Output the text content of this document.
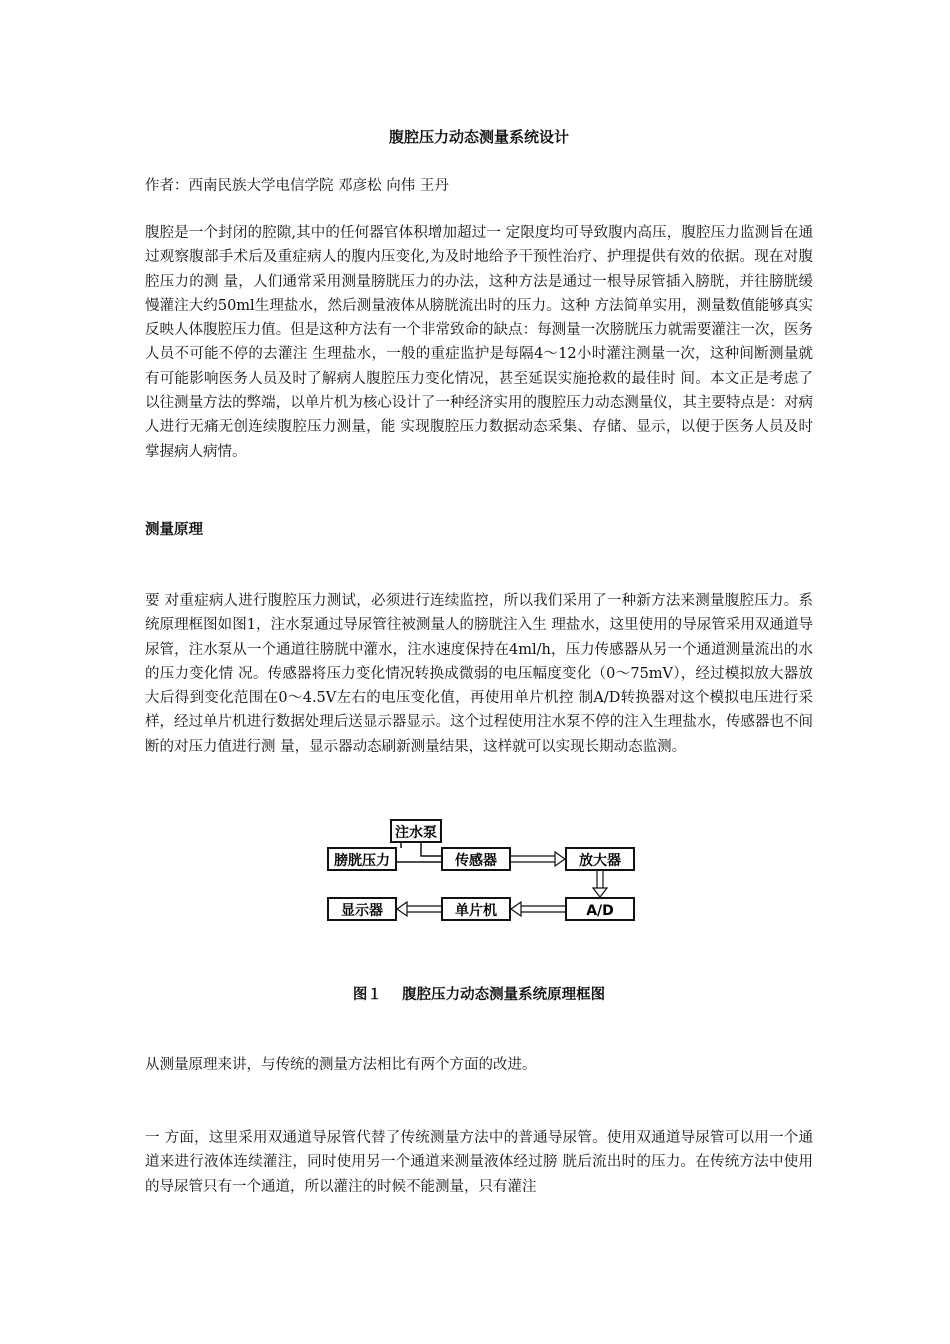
腹腔压力动态测量系统设计

作者：西南民族大学电信学院 邓彦松 向伟 王丹

腹腔是一个封闭的腔隙,其中的任何器官体积增加超过一 定限度均可导致腹内高压，腹腔压力监测旨在通过观察腹部手术后及重症病人的腹内压变化,为及时地给予干预性治疗、护理提供有效的依据。现在对腹腔压力的测 量，人们通常采用测量膀胱压力的办法，这种方法是通过一根导尿管插入膀胱，并往膀胱缓慢灌注大约50ml生理盐水，然后测量液体从膀胱流出时的压力。这种 方法简单实用，测量数值能够真实反映人体腹腔压力值。但是这种方法有一个非常致命的缺点：每测量一次膀胱压力就需要灌注一次，医务人员不可能不停的去灌注 生理盐水，一般的重症监护是每隔4～12小时灌注测量一次，这种间断测量就有可能影响医务人员及时了解病人腹腔压力变化情况，甚至延误实施抢救的最佳时 间。本文正是考虑了以往测量方法的弊端，以单片机为核心设计了一种经济实用的腹腔压力动态测量仪，其主要特点是：对病人进行无痛无创连续腹腔压力测量，能 实现腹腔压力数据动态采集、存储、显示，以便于医务人员及时掌握病人病情。

测量原理

要 对重症病人进行腹腔压力测试，必须进行连续监控，所以我们采用了一种新方法来测量腹腔压力。系统原理框图如图1，注水泵通过导尿管往被测量人的膀胱注入生 理盐水，这里使用的导尿管采用双通道导尿管，注水泵从一个通道往膀胱中灌水，注水速度保持在4ml/h，压力传感器从另一个通道测量流出的水的压力变化情 况。传感器将压力变化情况转换成微弱的电压幅度变化（0～75mV），经过模拟放大器放大后得到变化范围在0～4.5V左右的电压变化值，再使用单片机控 制A/D转换器对这个模拟电压进行采样，经过单片机进行数据处理后送显示器显示。这个过程使用注水泵不停的注入生理盐水，传感器也不间断的对压力值进行测 量，显示器动态刷新测量结果，这样就可以实现长期动态监测。

注水泵
膀胱压力	传感器	放大器
显示器	单片机	A/D

图１    腹腔压力动态测量系统原理框图

从测量原理来讲，与传统的测量方法相比有两个方面的改进。

一 方面，这里采用双通道导尿管代替了传统测量方法中的普通导尿管。使用双通道导尿管可以用一个通道来进行液体连续灌注，同时使用另一个通道来测量液体经过膀 胱后流出时的压力。在传统方法中使用的导尿管只有一个通道，所以灌注的时候不能测量，只有灌注
